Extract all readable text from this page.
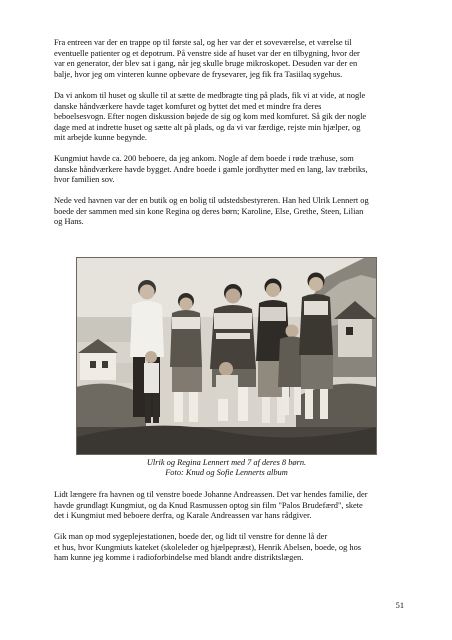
Fra entreen var der en trappe op til første sal, og her var der et soveværelse, et værelse til
eventuelle patienter og et depotrum. På venstre side af huset var der en tilbygning, hvor der
var en generator, der blev sat i gang, når jeg skulle bruge mikroskopet. Desuden var der en
balje, hvor jeg om vinteren kunne opbevare de frysevarer, jeg fik fra Tasiilaq sygehus.

Da vi ankom til huset og skulle til at sætte de medbragte ting på plads, fik vi at vide, at nogle
danske håndværkere havde taget komfuret og byttet det med et mindre fra deres
beboelsesvogn. Efter nogen diskussion bøjede de sig og kom med komfuret. Så gik der nogle
dage med at indrette huset og sætte alt på plads, og da vi var færdige, rejste min hjælper, og
mit arbejde kunne begynde.

Kungmiut havde ca. 200 beboere, da jeg ankom. Nogle af dem boede i røde træhuse, som
danske håndværkere havde bygget. Andre boede i gamle jordhytter med en lang, lav træbriks,
hvor familien sov.

Nede ved havnen var der en butik og en bolig til udstedsbestyreren. Han hed Ulrik Lennert og
boede der sammen med sin kone Regina og deres børn; Karoline, Else, Grethe, Steen, Lilian
og Hans.

Ulrik og Regina Lennert med 7 af deres 8 børn.

Foto: Knud og Sofie Lennerts album

Lidt længere fra havnen og til venstre boede Johanne Andreassen. Det var hendes familie, der
havde grundlagt Kungmiut, og da Knud Rasmussen optog sin film "Palos Brudefærd", skete
det i Kungmiut med beboere derfra, og Karale Andreassen var hans rådgiver.

Gik man op mod sygeplejestationen, boede der, og lidt til venstre for denne lå der
et hus, hvor Kungmiuts kateket (skoleleder og hjælpepræst), Henrik Abelsen, boede, og hos
ham kunne jeg komme i radioforbindelse med blandt andre distriktslægen.

51
